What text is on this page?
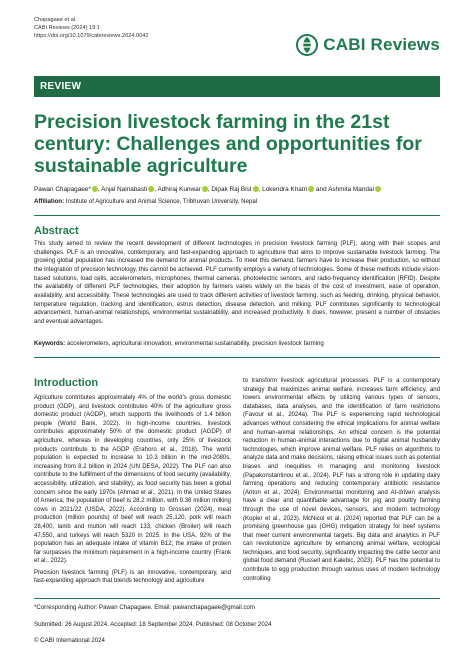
Chapagaee et al.
CABI Reviews (2024) 19:1
https://doi.org/10.1079/cabireviews.2024.0042	CABI Reviews
REVIEW
Precision livestock farming in the 21st century: Challenges and opportunities for sustainable agriculture
Pawan Chapagaee* , Anjal Nainabasti , Adhiraj Kunwar , Dipak Raj Bist , Lokendra Khatri and Ashmita Mandal
Affiliation: Institute of Agriculture and Animal Science, Tribhuvan University, Nepal
Abstract
This study aimed to review the recent development of different technologies in precision livestock farming (PLF), along with their scopes and challenges. PLF is an innovative, contemporary, and fast-expanding approach to agriculture that aims to improve sustainable livestock farming. The growing global population has increased the demand for animal products. To meet this demand, farmers have to increase their production, so without the integration of precision technology, this cannot be achieved. PLF currently employs a variety of technologies. Some of these methods include vision-based solutions, load cells, accelerometers, microphones, thermal cameras, photoelectric sensors, and radio-frequency identification (RFID). Despite the availability of different PLF technologies, their adoption by farmers varies widely on the basis of the cost of investment, ease of operation, availability, and accessibility. These technologies are used to track different activities of livestock farming, such as feeding, drinking, physical behavior, temperature regulation, tracking and identification, estrus detection, disease detection, and milking. PLF contributes significantly to technological advancement, human-animal relationships, environmental sustainability, and increased productivity. It does, however, present a number of obstacles and eventual advantages.
Keywords: accelerometers, agricultural innovation, environmental sustainability, precision livestock farming
Introduction

Agriculture contributes approximately 4% of the world’s gross domestic product (GDP), and livestock contributes 40% of the agriculture gross domestic product (AGDP), which supports the livelihoods of 1.4 billion people (World Bank, 2022). In high-income countries, livestock contributes approximately 50% of the domestic product (AGDP) of agriculture, whereas in developing countries, only 25% of livestock products contribute to the AGDP (Erahoro et al., 2018). The world population is expected to increase to 10.3 billion in the mid-2080s, increasing from 8.2 billion in 2024 (UN DESA, 2022). The PLF can also contribute to the fulfillment of the dimensions of food security (availability, accessibility, utilization, and stability), as food security has been a global concern since the early 1970s (Ahmad et al., 2021). In the United States of America, the population of beef is 28.2 million, with 9.36 million milking cows in 2021/22 (USDA, 2022). According to Grossen (2024), meat production (million pounds) of beef will reach 25,120, pork will reach 28,400, lamb and mutton will reach 133, chicken (Broiler) will reach 47,550, and turkeys will reach 5320 in 2025. In the USA, 92% of the population has an adequate intake of vitamin B12; the intake of protein far surpasses the minimum requirement in a high-income country (Frank et al., 2022).

Precision livestock farming (PLF) is an innovative, contemporary, and fast-expanding approach that blends technology and agriculture

to transform livestock agricultural processes. PLF is a contemporary strategy that maximizes animal welfare, increases farm efficiency, and lowers environmental effects by utilizing various types of sensors, databases, data analyses, and the identification of farm restrictions (Favour et al., 2024a). The PLF is experiencing rapid technological advances without considering the ethical implications for animal welfare and human-animal relationships. An ethical concern is the potential reduction in human-animal interactions due to digital animal husbandry technologies, which improve animal welfare. PLF relies on algorithms to analyze data and make decisions, raising ethical issues such as potential biases and inequities in managing and monitoring livestock (Papakonstantinou et al., 2024). PLF has a strong role in updating dairy farming operations and reducing contemporary antibiotic resistance (Ariton et al., 2024). Environmental monitoring and AI-driven analysis have a clear and quantifiable advantage for pig and poultry farming through the use of novel devices, sensors, and modern technology (Kopler et al., 2023). McNicol et al. (2024) reported that PLF can be a promising greenhouse gas (GHG) mitigation strategy for beef systems that meet current environmental targets. Big data and analytics in PLF can revolutionize agriculture by enhancing animal welfare, ecological techniques, and food security, significantly impacting the cattle sector and global food demand (Russell and Kalebic, 2023). PLF has the potential to contribute to egg production through various uses of modern technology controlling

*Corresponding Author: Pawan Chapagaee. Email: pawanchapagaee@gmail.com
Submitted: 26 August 2024. Accepted: 18 September 2024. Published: 08 October 2024
© CABI International 2024
